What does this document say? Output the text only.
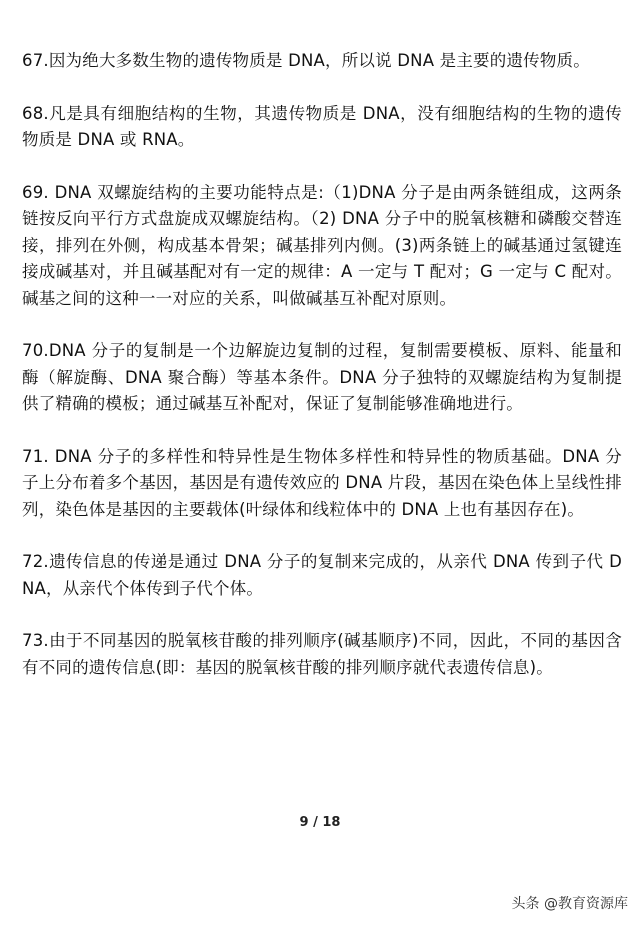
67.因为绝大多数生物的遗传物质是 DNA，所以说 DNA 是主要的遗传物质。

68.凡是具有细胞结构的生物，其遗传物质是 DNA，没有细胞结构的生物的遗传物质是 DNA 或 RNA。

69. DNA 双螺旋结构的主要功能特点是:（1)DNA 分子是由两条链组成，这两条链按反向平行方式盘旋成双螺旋结构。（2) DNA 分子中的脱氧核糖和磷酸交替连接，排列在外侧，构成基本骨架；碱基排列内侧。(3)两条链上的碱基通过氢键连接成碱基对，并且碱基配对有一定的规律：A 一定与 T 配对；G 一定与 C 配对。碱基之间的这种一一对应的关系，叫做碱基互补配对原则。

70.DNA 分子的复制是一个边解旋边复制的过程，复制需要模板、原料、能量和酶（解旋酶、DNA 聚合酶）等基本条件。DNA 分子独特的双螺旋结构为复制提供了精确的模板；通过碱基互补配对，保证了复制能够准确地进行。

71. DNA 分子的多样性和特异性是生物体多样性和特异性的物质基础。DNA 分子上分布着多个基因，基因是有遗传效应的 DNA 片段，基因在染色体上呈线性排列，染色体是基因的主要载体(叶绿体和线粒体中的 DNA 上也有基因存在)。

72.遗传信息的传递是通过 DNA 分子的复制来完成的，从亲代 DNA 传到子代 DNA，从亲代个体传到子代个体。

73.由于不同基因的脱氧核苷酸的排列顺序(碱基顺序)不同，因此，不同的基因含有不同的遗传信息(即：基因的脱氧核苷酸的排列顺序就代表遗传信息)。

9 / 18
头条 @教育资源库
